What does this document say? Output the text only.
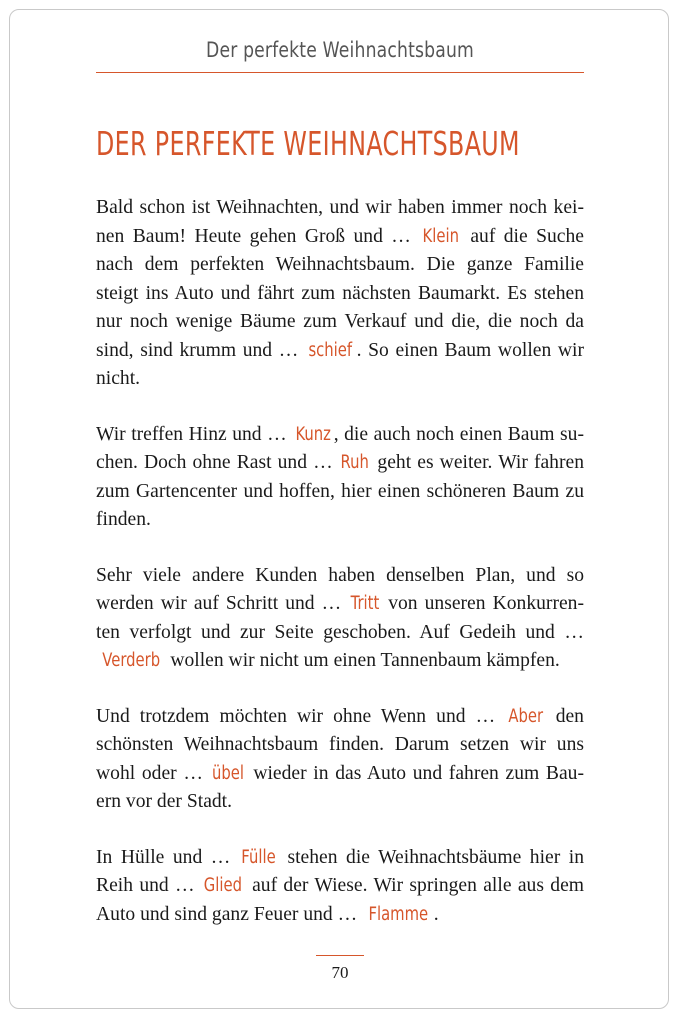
Der perfekte Weihnachtsbaum
DER PERFEKTE WEIHNACHTSBAUM

Bald schon ist Weihnachten, und wir haben immer noch kei- nen Baum! Heute gehen Groß und … Klein auf die Suche nach dem perfekten Weihnachtsbaum. Die ganze Familie steigt ins Auto und fährt zum nächsten Baumarkt. Es stehen nur noch wenige Bäume zum Verkauf und die, die noch da sind, sind krumm und … schief . So einen Baum wollen wir nicht.

Wir treffen Hinz und … Kunz , die auch noch einen Baum su- chen. Doch ohne Rast und … Ruh geht es weiter. Wir fahren zum Gartencenter und hoffen, hier einen schöneren Baum zu finden.

Sehr viele andere Kunden haben denselben Plan, und so werden wir auf Schritt und … Tritt von unseren Konkurren- ten verfolgt und zur Seite geschoben. Auf Gedeih und … Verderb wollen wir nicht um einen Tannenbaum kämpfen.

Und trotzdem möchten wir ohne Wenn und … Aber den schönsten Weihnachtsbaum finden. Darum setzen wir uns wohl oder … übel wieder in das Auto und fahren zum Bau- ern vor der Stadt.

In Hülle und … Fülle stehen die Weihnachtsbäume hier in Reih und … Glied auf der Wiese. Wir springen alle aus dem Auto und sind ganz Feuer und … Flamme .

70
